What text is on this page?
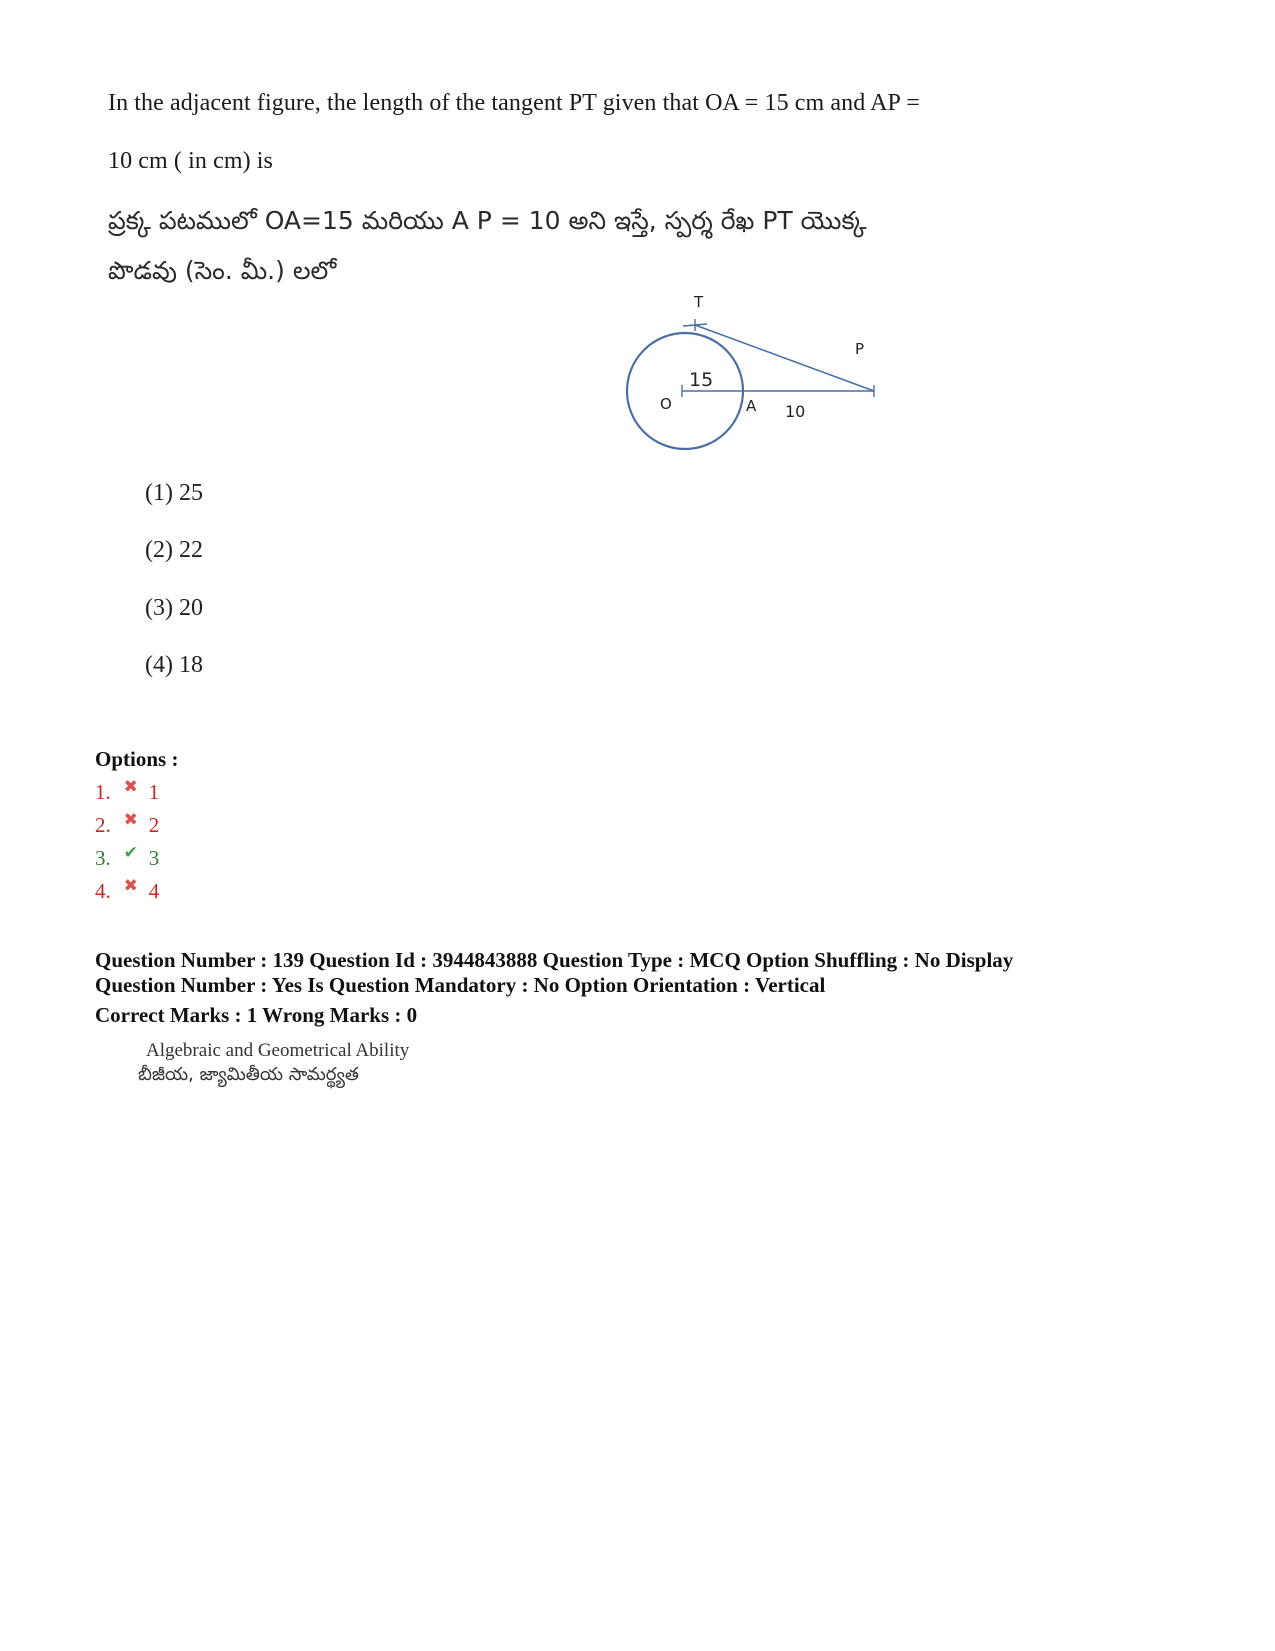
In the adjacent figure, the length of the tangent PT given that OA = 15 cm and AP =
10 cm ( in cm) is
ప్రక్క పటములో OA=15 మరియు A P = 10 అని ఇస్తే, స్పర్శ రేఖ PT యొక్క
పొడవు (సెం. మీ.) లలో
T
P
O	A
15
10
(1) 25
(2) 22
(3) 20
(4) 18
Options :
1. ✖ 1
2. ✖ 2
3. ✔ 3
4. ✖ 4
Question Number : 139 Question Id : 3944843888 Question Type : MCQ Option Shuffling : No Display
Question Number : Yes Is Question Mandatory : No Option Orientation : Vertical
Correct Marks : 1 Wrong Marks : 0
Algebraic and Geometrical Ability
బీజీయ, జ్యామితీయ సామర్థ్యత
